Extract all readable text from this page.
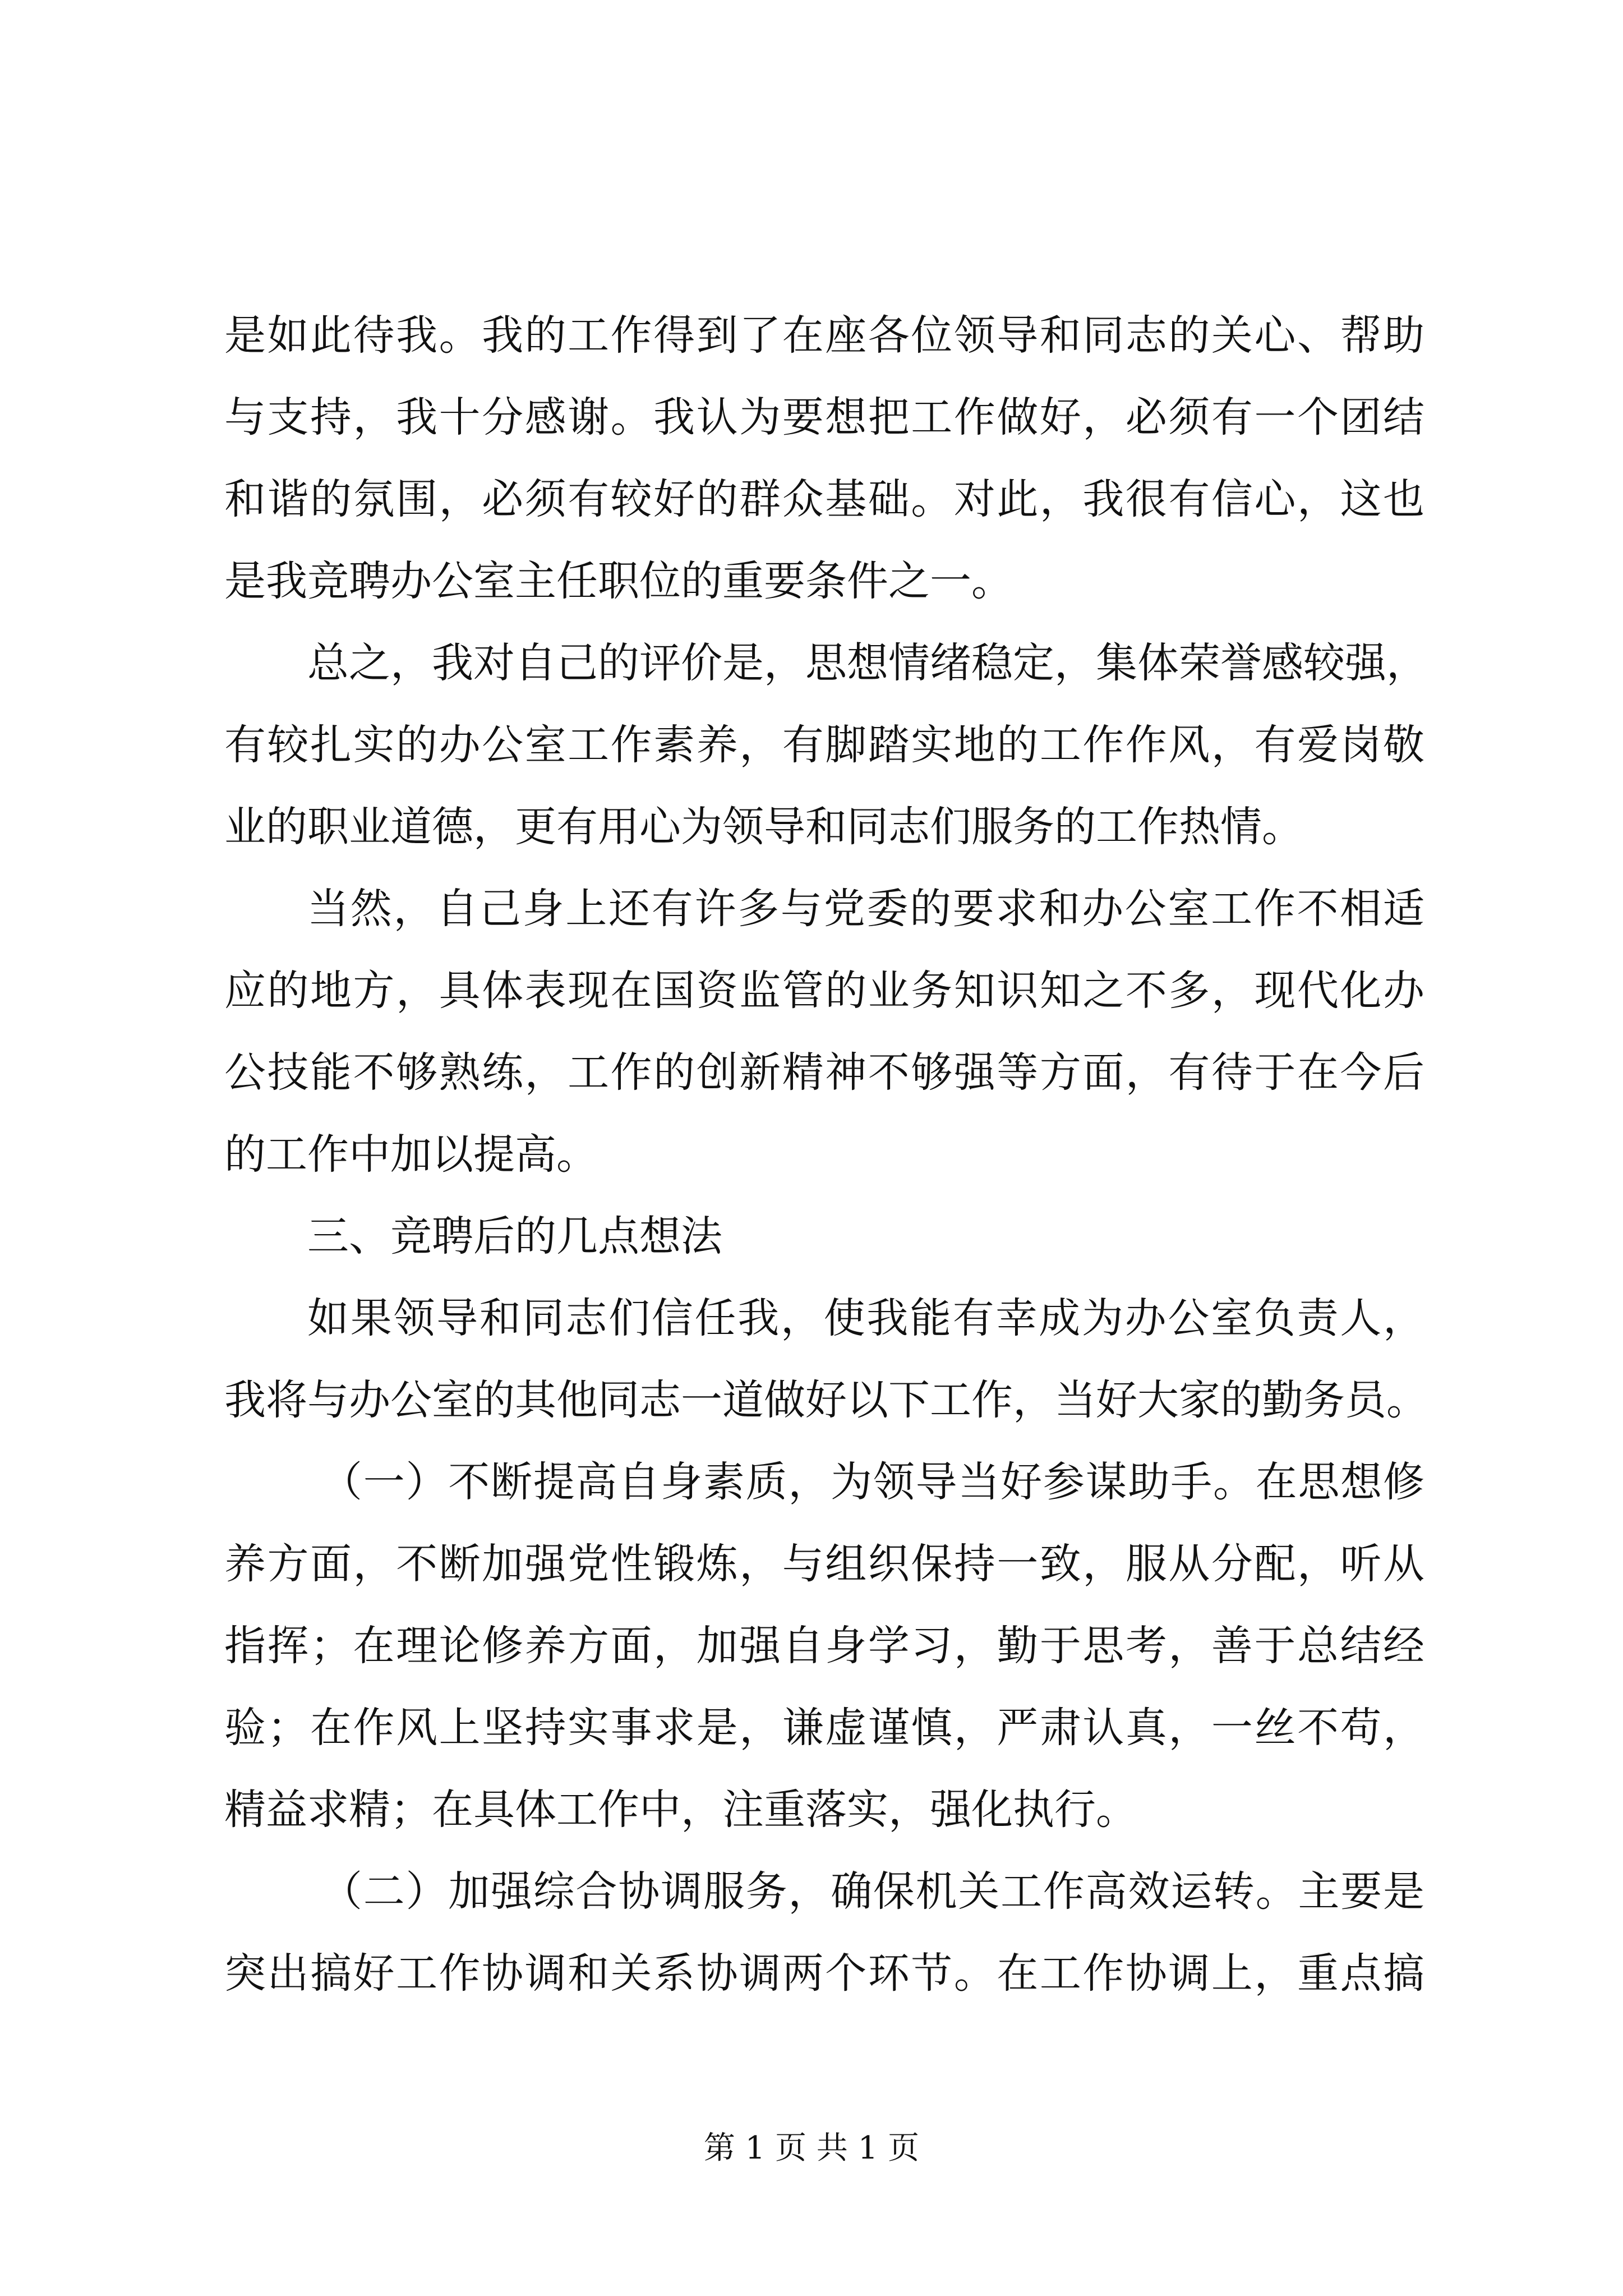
是如此待我。我的工作得到了在座各位领导和同志的关心、帮助
与支持，我十分感谢。我认为要想把工作做好，必须有一个团结
和谐的氛围，必须有较好的群众基础。对此，我很有信心，这也
是我竞聘办公室主任职位的重要条件之一。
总之，我对自己的评价是，思想情绪稳定，集体荣誉感较强，
有较扎实的办公室工作素养，有脚踏实地的工作作风，有爱岗敬
业的职业道德，更有用心为领导和同志们服务的工作热情。
当然，自己身上还有许多与党委的要求和办公室工作不相适
应的地方，具体表现在国资监管的业务知识知之不多，现代化办
公技能不够熟练，工作的创新精神不够强等方面，有待于在今后
的工作中加以提高。
三、竞聘后的几点想法
如果领导和同志们信任我，使我能有幸成为办公室负责人，
我将与办公室的其他同志一道做好以下工作，当好大家的勤务员。
（一）不断提高自身素质，为领导当好参谋助手。在思想修
养方面，不断加强党性锻炼，与组织保持一致，服从分配，听从
指挥；在理论修养方面，加强自身学习，勤于思考，善于总结经
验；在作风上坚持实事求是，谦虚谨慎，严肃认真，一丝不苟，
精益求精；在具体工作中，注重落实，强化执行。
（二）加强综合协调服务，确保机关工作高效运转。主要是
突出搞好工作协调和关系协调两个环节。在工作协调上，重点搞
第 1 页 共 1 页
